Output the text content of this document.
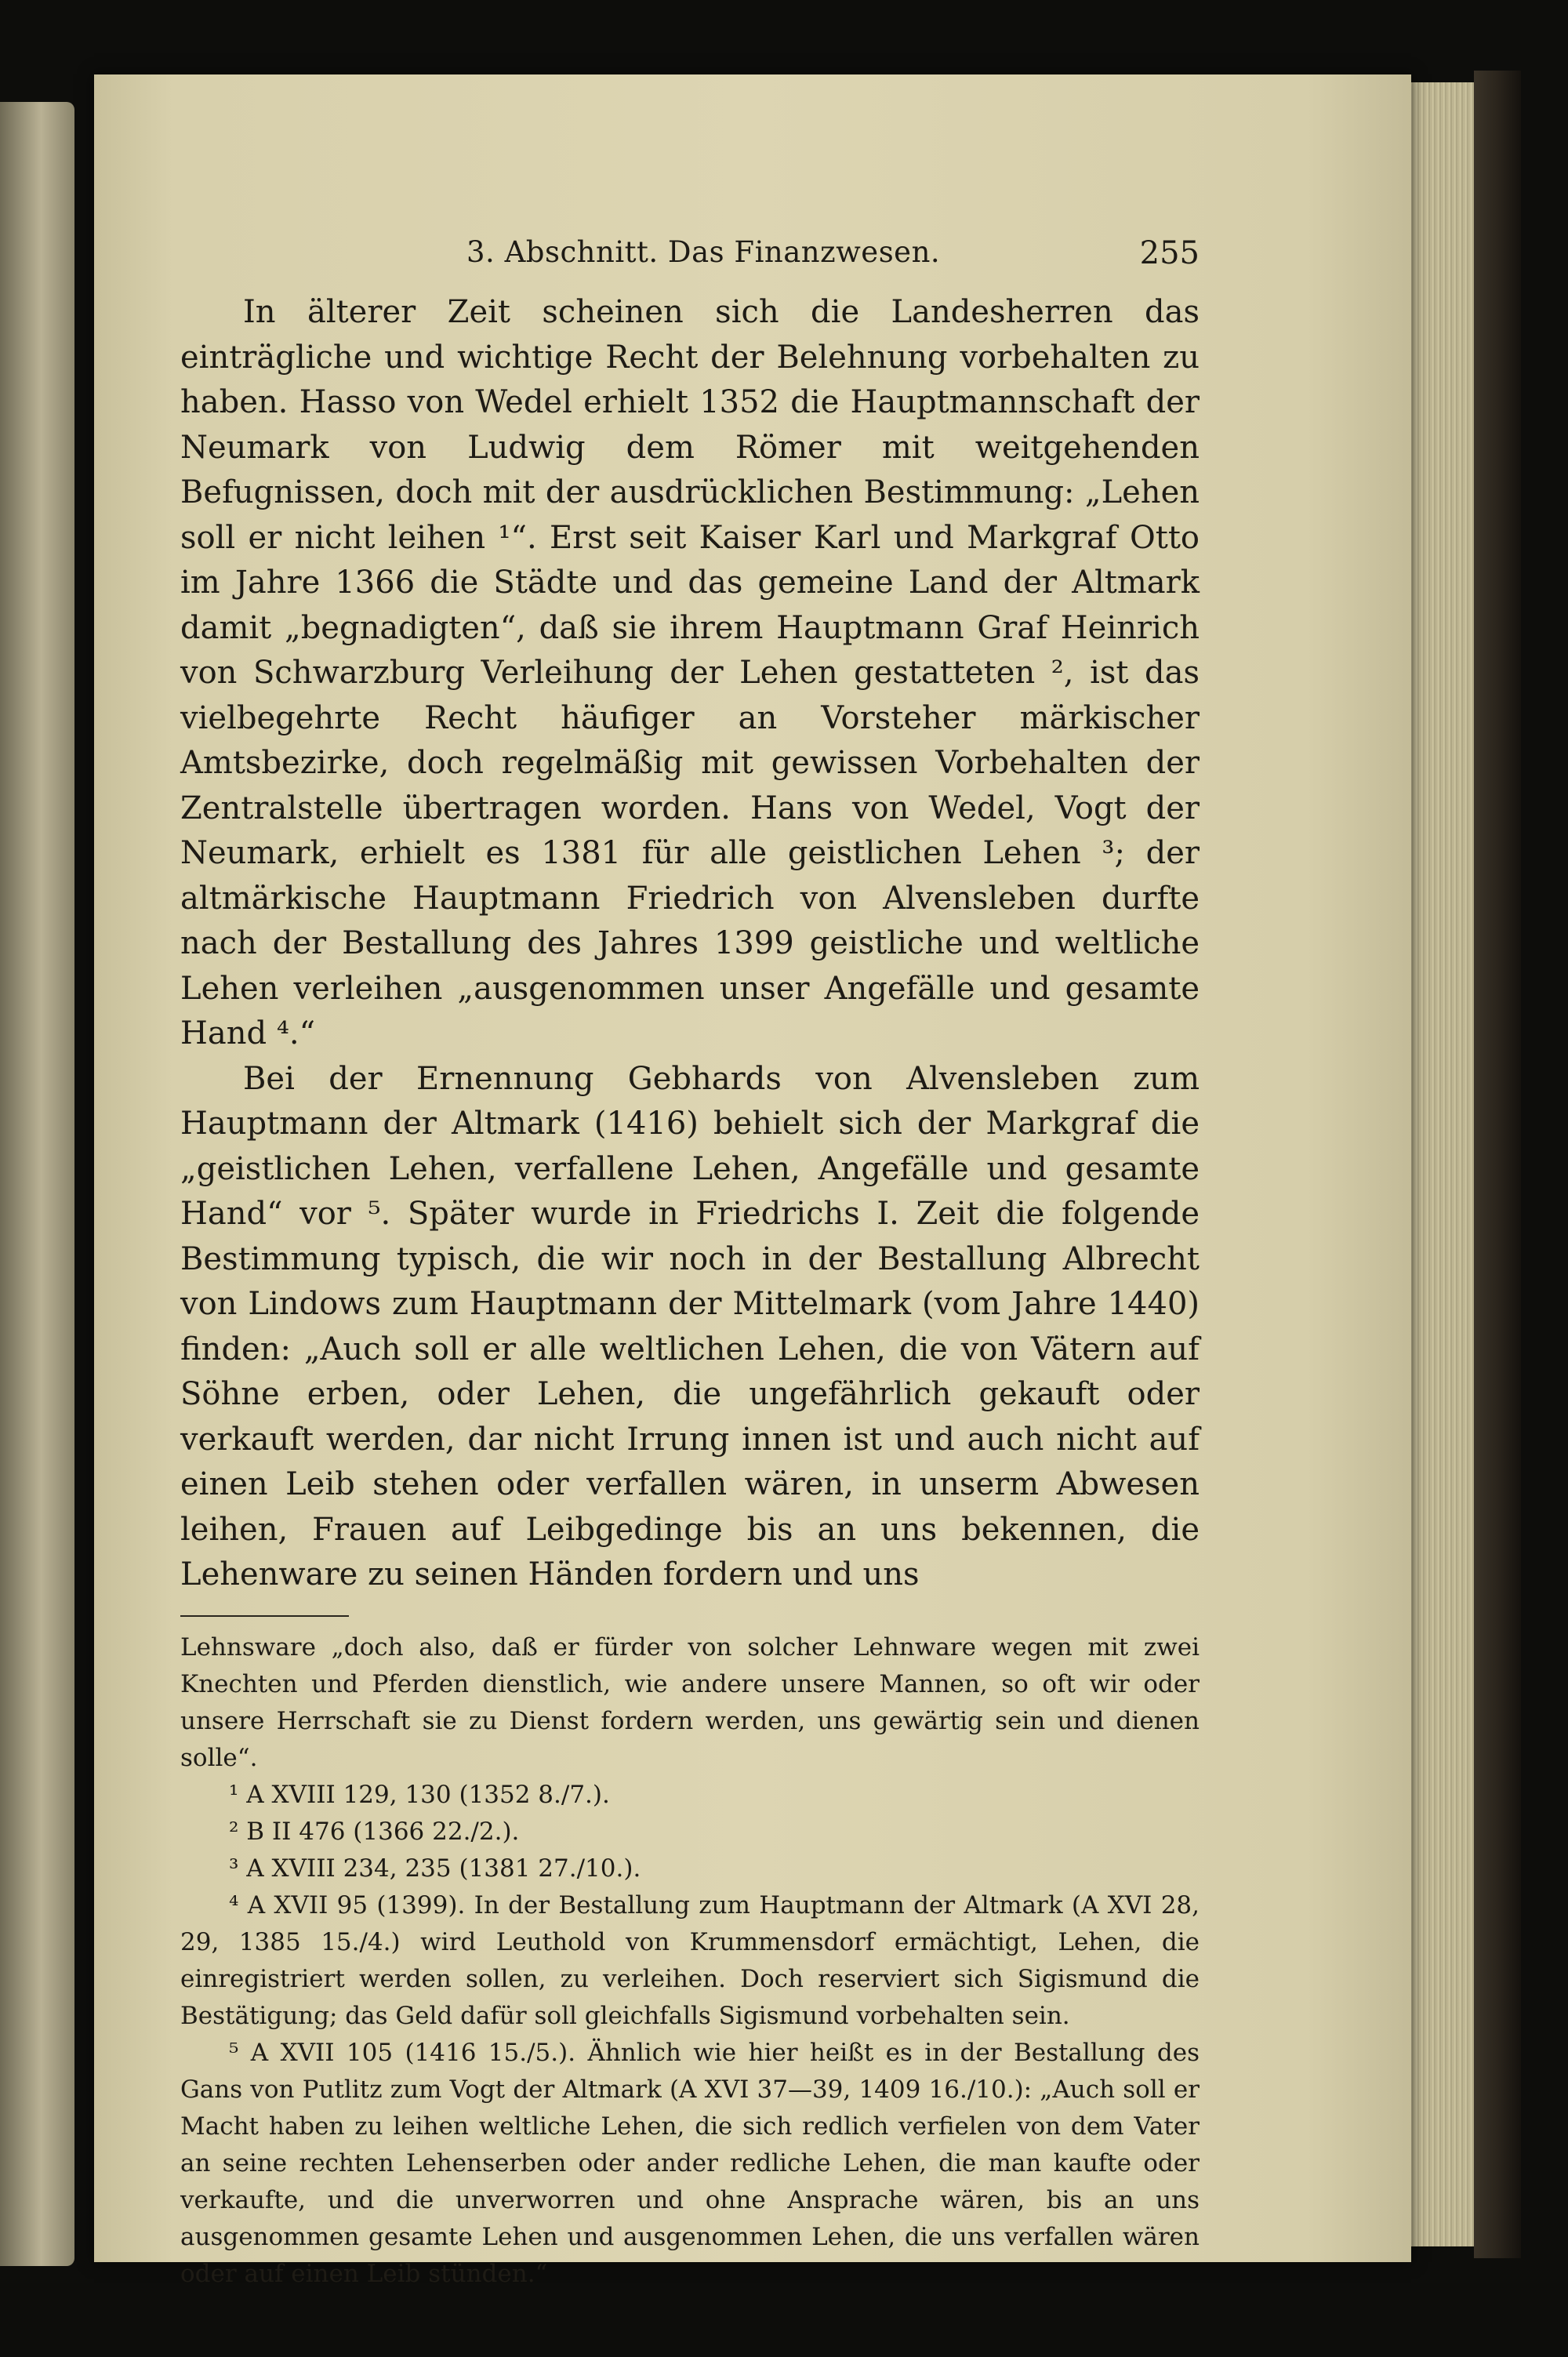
3. Abschnitt. Das Finanzwesen.	255

In älterer Zeit scheinen sich die Landesherren das einträgliche und wichtige Recht der Belehnung vorbehalten zu haben. Hasso von Wedel erhielt 1352 die Hauptmannschaft der Neumark von Ludwig dem Römer mit weitgehenden Befugnissen, doch mit der ausdrücklichen Bestimmung: „Lehen soll er nicht leihen ¹“. Erst seit Kaiser Karl und Markgraf Otto im Jahre 1366 die Städte und das gemeine Land der Altmark damit „begnadigten“, daß sie ihrem Hauptmann Graf Heinrich von Schwarzburg Verleihung der Lehen gestatteten ², ist das vielbegehrte Recht häufiger an Vorsteher märkischer Amtsbezirke, doch regelmäßig mit gewissen Vorbehalten der Zentralstelle übertragen worden. Hans von Wedel, Vogt der Neumark, erhielt es 1381 für alle geistlichen Lehen ³; der altmärkische Hauptmann Friedrich von Alvensleben durfte nach der Bestallung des Jahres 1399 geistliche und weltliche Lehen verleihen „ausgenommen unser Angefälle und gesamte Hand ⁴.“

Bei der Ernennung Gebhards von Alvensleben zum Hauptmann der Altmark (1416) behielt sich der Markgraf die „geistlichen Lehen, verfallene Lehen, Angefälle und gesamte Hand“ vor ⁵. Später wurde in Friedrichs I. Zeit die folgende Bestimmung typisch, die wir noch in der Bestallung Albrecht von Lindows zum Hauptmann der Mittelmark (vom Jahre 1440) finden: „Auch soll er alle weltlichen Lehen, die von Vätern auf Söhne erben, oder Lehen, die ungefährlich gekauft oder verkauft werden, dar nicht Irrung innen ist und auch nicht auf einen Leib stehen oder verfallen wären, in unserm Abwesen leihen, Frauen auf Leibgedinge bis an uns bekennen, die Lehenware zu seinen Händen fordern und uns

Lehnsware „doch also, daß er fürder von solcher Lehnware wegen mit zwei Knechten und Pferden dienstlich, wie andere unsere Mannen, so oft wir oder unsere Herrschaft sie zu Dienst fordern werden, uns gewärtig sein und dienen solle“.

¹ A XVIII 129, 130 (1352 8./7.).

² B II 476 (1366 22./2.).

³ A XVIII 234, 235 (1381 27./10.).

⁴ A XVII 95 (1399). In der Bestallung zum Hauptmann der Altmark (A XVI 28, 29, 1385 15./4.) wird Leuthold von Krummensdorf ermächtigt, Lehen, die einregistriert werden sollen, zu verleihen. Doch reserviert sich Sigismund die Bestätigung; das Geld dafür soll gleichfalls Sigismund vorbehalten sein.

⁵ A XVII 105 (1416 15./5.). Ähnlich wie hier heißt es in der Bestallung des Gans von Putlitz zum Vogt der Altmark (A XVI 37—39, 1409 16./10.): „Auch soll er Macht haben zu leihen weltliche Lehen, die sich redlich verfielen von dem Vater an seine rechten Lehenserben oder ander redliche Lehen, die man kaufte oder verkaufte, und die unverworren und ohne Ansprache wären, bis an uns ausgenommen gesamte Lehen und ausgenommen Lehen, die uns verfallen wären oder auf einen Leib stünden.“
